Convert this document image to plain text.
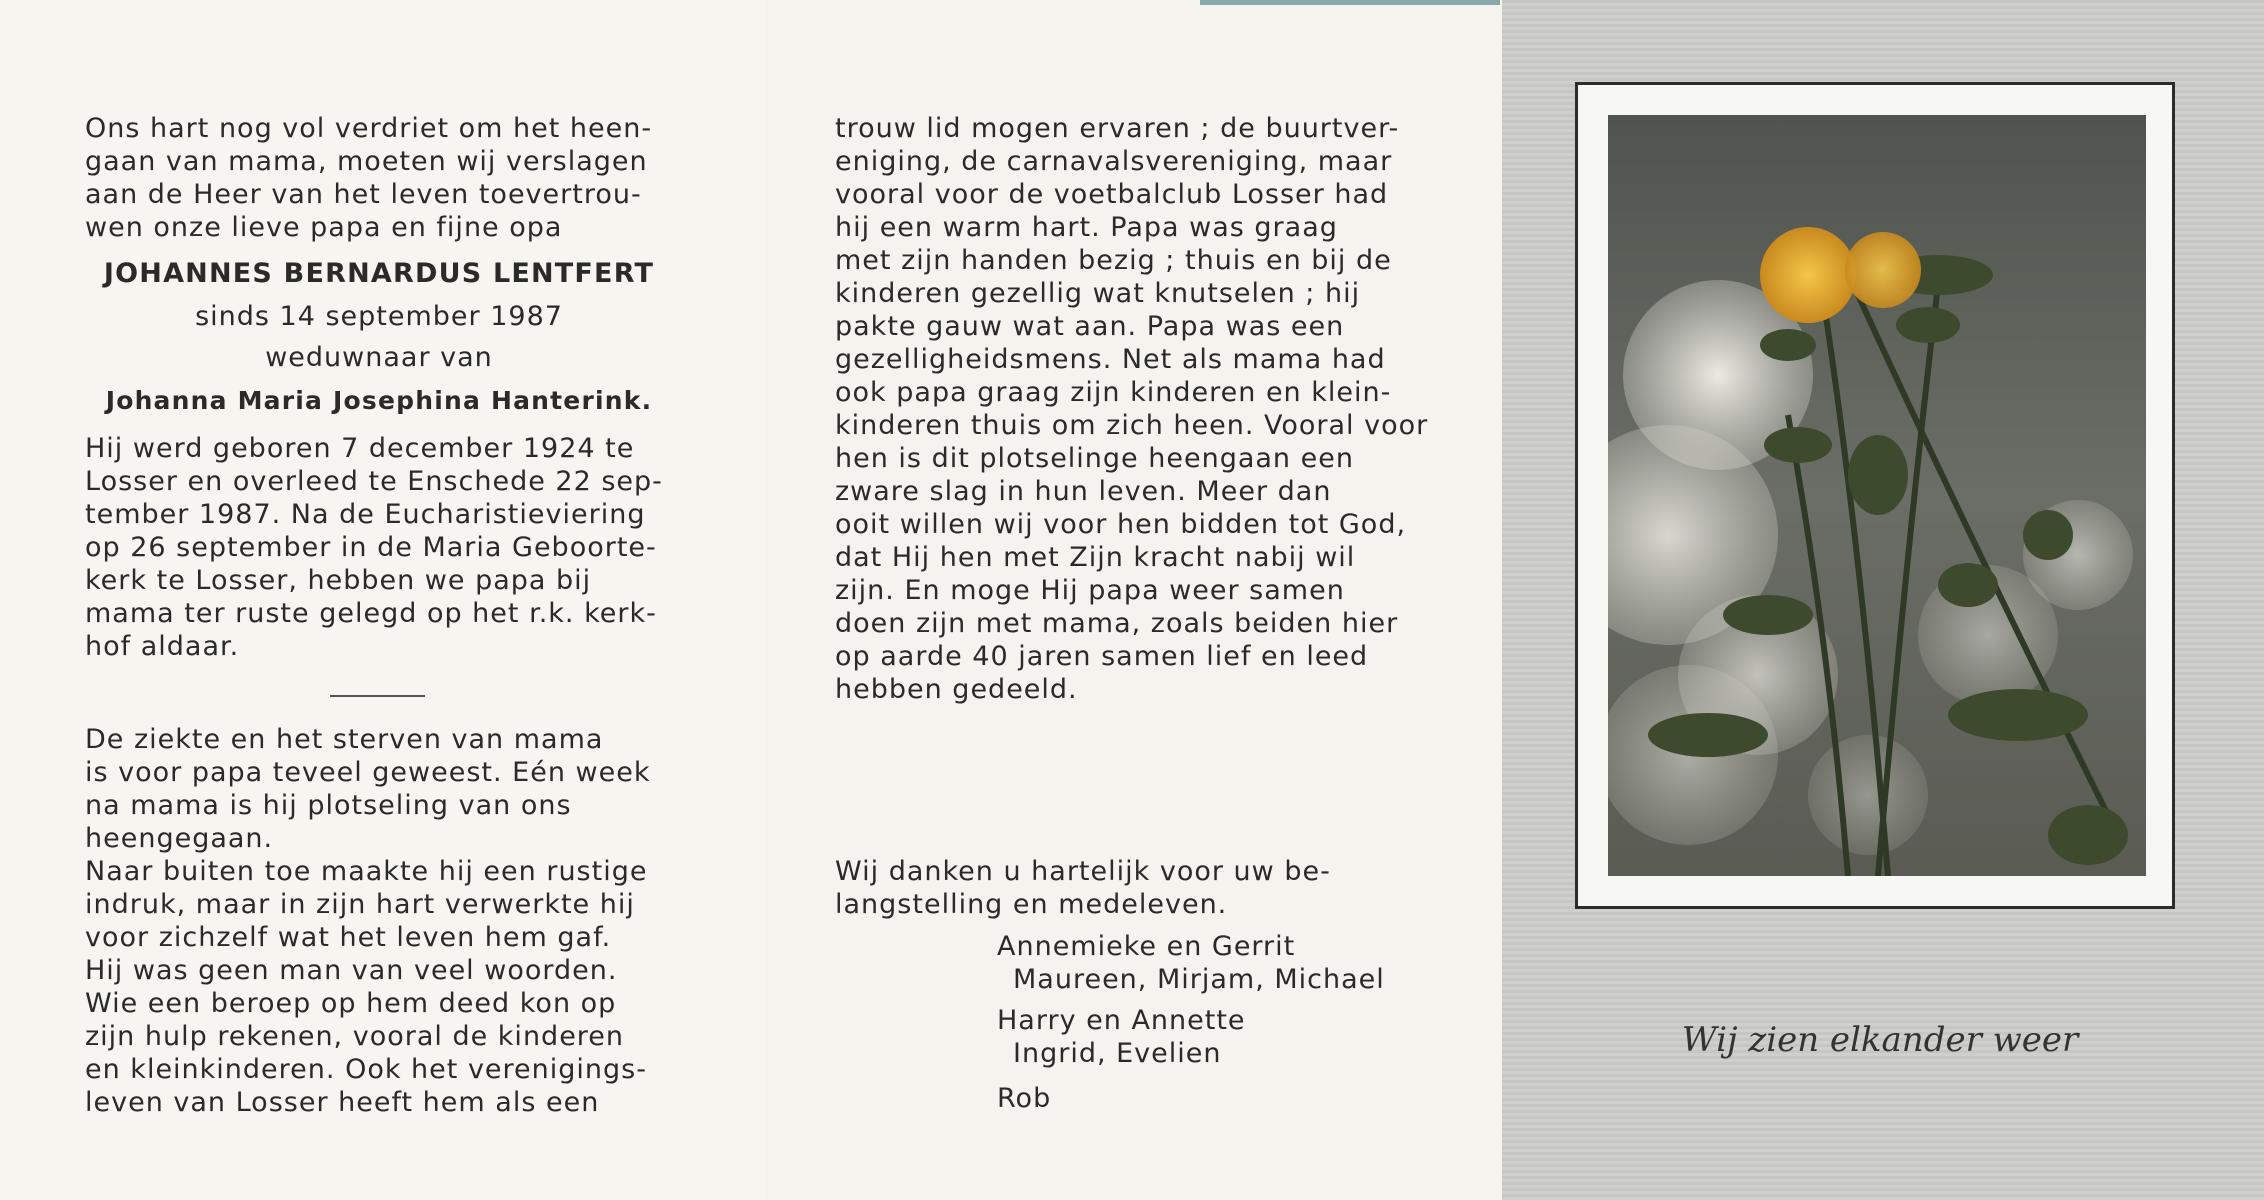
Ons hart nog vol verdriet om het heen-

gaan van mama, moeten wij verslagen

aan de Heer van het leven toevertrou-

wen onze lieve papa en fijne opa

JOHANNES BERNARDUS LENTFERT

sinds 14 september 1987

weduwnaar van

Johanna Maria Josephina Hanterink.

Hij werd geboren 7 december 1924 te

Losser en overleed te Enschede 22 sep-

tember 1987. Na de Eucharistieviering

op 26 september in de Maria Geboorte-

kerk te Losser, hebben we papa bij

mama ter ruste gelegd op het r.k. kerk-

hof aldaar.

De ziekte en het sterven van mama

is voor papa teveel geweest. Eén week

na mama is hij plotseling van ons

heengegaan.

Naar buiten toe maakte hij een rustige

indruk, maar in zijn hart verwerkte hij

voor zichzelf wat het leven hem gaf.

Hij was geen man van veel woorden.

Wie een beroep op hem deed kon op

zijn hulp rekenen, vooral de kinderen

en kleinkinderen. Ook het verenigings-

leven van Losser heeft hem als een

trouw lid mogen ervaren ; de buurtver-

eniging, de carnavalsvereniging, maar

vooral voor de voetbalclub Losser had

hij een warm hart. Papa was graag

met zijn handen bezig ; thuis en bij de

kinderen gezellig wat knutselen ; hij

pakte gauw wat aan. Papa was een

gezelligheidsmens. Net als mama had

ook papa graag zijn kinderen en klein-

kinderen thuis om zich heen. Vooral voor

hen is dit plotselinge heengaan een

zware slag in hun leven. Meer dan

ooit willen wij voor hen bidden tot God,

dat Hij hen met Zijn kracht nabij wil

zijn. En moge Hij papa weer samen

doen zijn met mama, zoals beiden hier

op aarde 40 jaren samen lief en leed

hebben gedeeld.

Wij danken u hartelijk voor uw be-

langstelling en medeleven.

Annemieke en Gerrit

Maureen, Mirjam, Michael

Harry en Annette

Ingrid, Evelien

Rob

Wij zien elkander weer
